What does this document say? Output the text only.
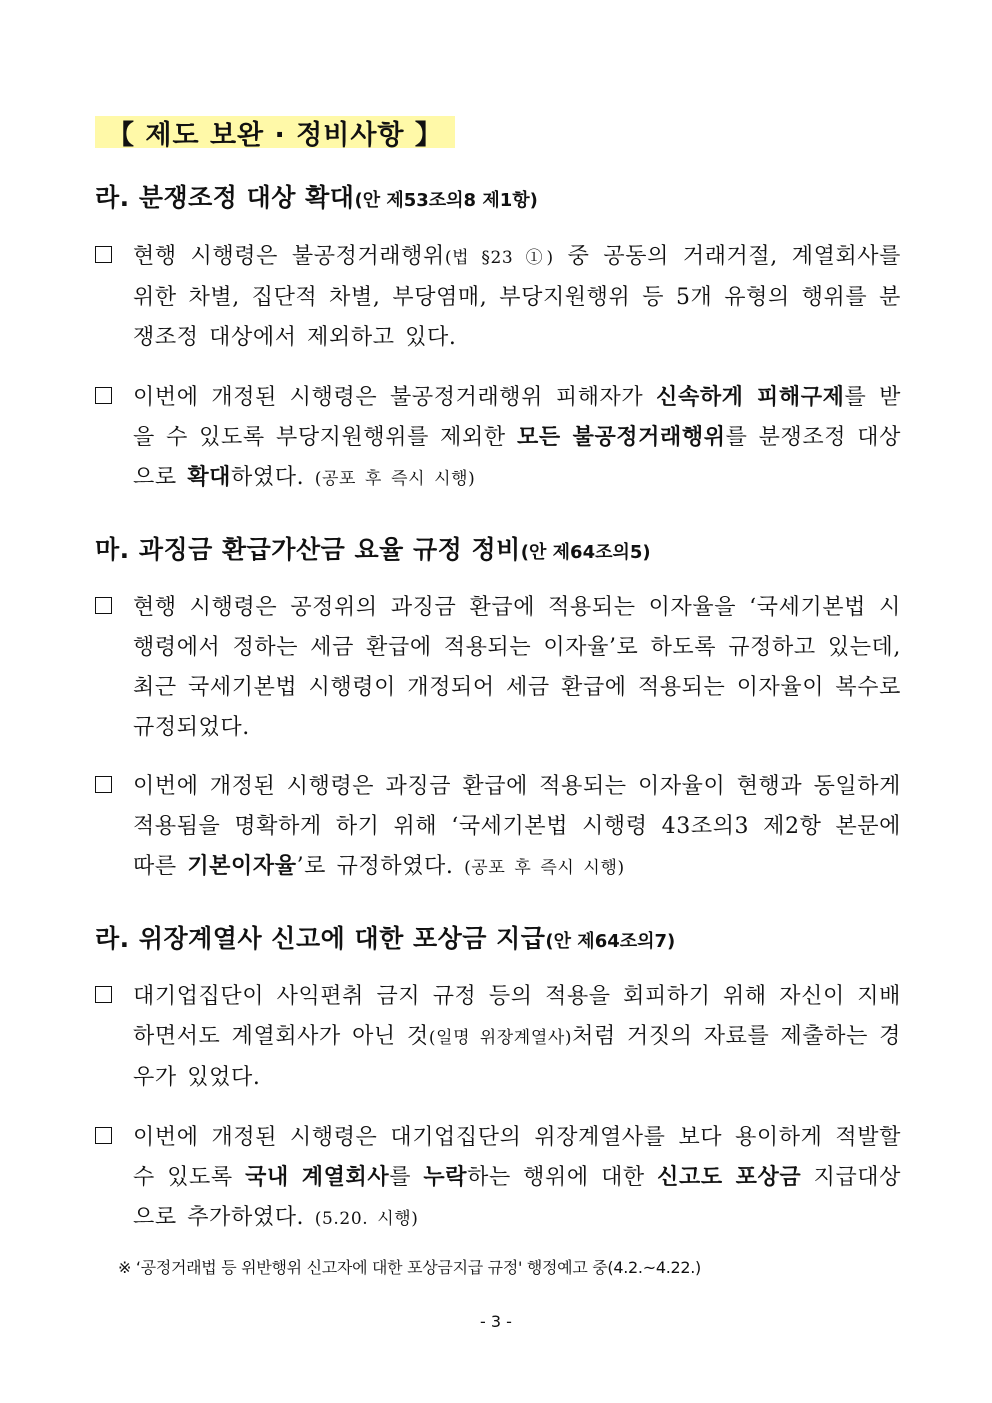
【 제도 보완 · 정비사항 】
라. 분쟁조정 대상 확대(안 제53조의8 제1항)
현행 시행령은 불공정거래행위(법 §23 ①) 중 공동의 거래거절, 계열회사를 위한 차별, 집단적 차별, 부당염매, 부당지원행위 등 5개 유형의 행위를 분쟁조정 대상에서 제외하고 있다.
이번에 개정된 시행령은 불공정거래행위 피해자가 신속하게 피해구제를 받을 수 있도록 부당지원행위를 제외한 모든 불공정거래행위를 분쟁조정 대상으로 확대하였다. (공포 후 즉시 시행)
마. 과징금 환급가산금 요율 규정 정비(안 제64조의5)
현행 시행령은 공정위의 과징금 환급에 적용되는 이자율을 ‘국세기본법 시행령에서 정하는 세금 환급에 적용되는 이자율’로 하도록 규정하고 있는데, 최근 국세기본법 시행령이 개정되어 세금 환급에 적용되는 이자율이 복수로 규정되었다.
이번에 개정된 시행령은 과징금 환급에 적용되는 이자율이 현행과 동일하게 적용됨을 명확하게 하기 위해 ‘국세기본법 시행령 43조의3 제2항 본문에 따른 기본이자율’로 규정하였다. (공포 후 즉시 시행)
라. 위장계열사 신고에 대한 포상금 지급(안 제64조의7)
대기업집단이 사익편취 금지 규정 등의 적용을 회피하기 위해 자신이 지배하면서도 계열회사가 아닌 것(일명 위장계열사)처럼 거짓의 자료를 제출하는 경우가 있었다.
이번에 개정된 시행령은 대기업집단의 위장계열사를 보다 용이하게 적발할 수 있도록 국내 계열회사를 누락하는 행위에 대한 신고도 포상금 지급대상으로 추가하였다. (5.20. 시행)
※ ‘공정거래법 등 위반행위 신고자에 대한 포상금지급 규정' 행정예고 중(4.2.~4.22.)
- 3 -
